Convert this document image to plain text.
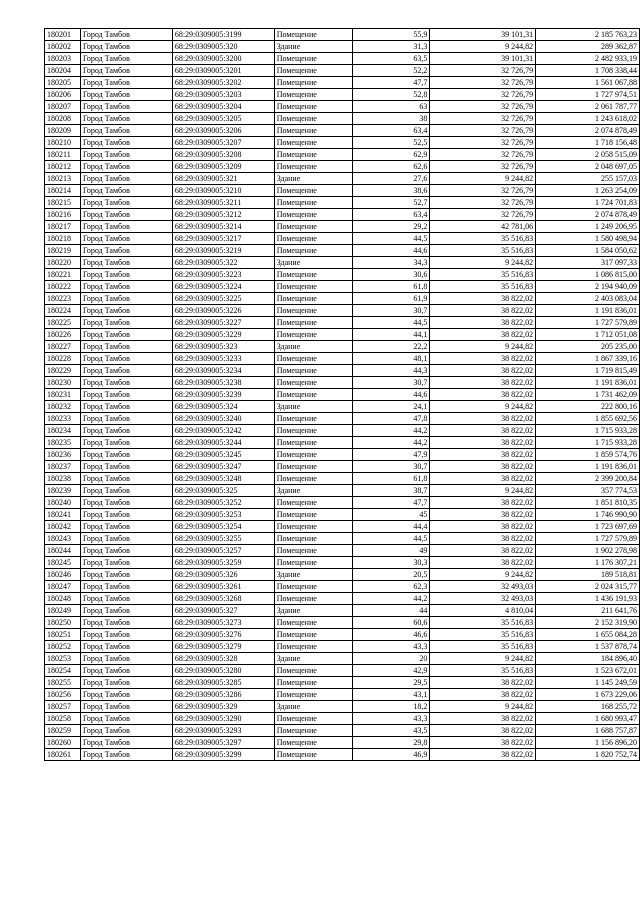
180201	Город Тамбов	68:29:0309005:3199	Помещение	55,9	39 101,31	2 185 763,23
180202	Город Тамбов	68:29:0309005:320	Здание	31,3	9 244,82	289 362,87
180203	Город Тамбов	68:29:0309005:3200	Помещение	63,5	39 101,31	2 482 933,19
180204	Город Тамбов	68:29:0309005:3201	Помещение	52,2	32 726,79	1 708 338,44
180205	Город Тамбов	68:29:0309005:3202	Помещение	47,7	32 726,79	1 561 067,88
180206	Город Тамбов	68:29:0309005:3203	Помещение	52,8	32 726,79	1 727 974,51
180207	Город Тамбов	68:29:0309005:3204	Помещение	63	32 726,79	2 061 787,77
180208	Город Тамбов	68:29:0309005:3205	Помещение	38	32 726,79	1 243 618,02
180209	Город Тамбов	68:29:0309005:3206	Помещение	63,4	32 726,79	2 074 878,49
180210	Город Тамбов	68:29:0309005:3207	Помещение	52,5	32 726,79	1 718 156,48
180211	Город Тамбов	68:29:0309005:3208	Помещение	62,9	32 726,79	2 058 515,09
180212	Город Тамбов	68:29:0309005:3209	Помещение	62,6	32 726,79	2 048 697,05
180213	Город Тамбов	68:29:0309005:321	Здание	27,6	9 244,82	255 157,03
180214	Город Тамбов	68:29:0309005:3210	Помещение	38,6	32 726,79	1 263 254,09
180215	Город Тамбов	68:29:0309005:3211	Помещение	52,7	32 726,79	1 724 701,83
180216	Город Тамбов	68:29:0309005:3212	Помещение	63,4	32 726,79	2 074 878,49
180217	Город Тамбов	68:29:0309005:3214	Помещение	29,2	42 781,06	1 249 206,95
180218	Город Тамбов	68:29:0309005:3217	Помещение	44,5	35 516,83	1 580 498,94
180219	Город Тамбов	68:29:0309005:3219	Помещение	44,6	35 516,83	1 584 050,62
180220	Город Тамбов	68:29:0309005:322	Здание	34,3	9 244,82	317 097,33
180221	Город Тамбов	68:29:0309005:3223	Помещение	30,6	35 516,83	1 086 815,00
180222	Город Тамбов	68:29:0309005:3224	Помещение	61,8	35 516,83	2 194 940,09
180223	Город Тамбов	68:29:0309005:3225	Помещение	61,9	38 822,02	2 403 083,04
180224	Город Тамбов	68:29:0309005:3226	Помещение	30,7	38 822,02	1 191 836,01
180225	Город Тамбов	68:29:0309005:3227	Помещение	44,5	38 822,02	1 727 579,89
180226	Город Тамбов	68:29:0309005:3229	Помещение	44,1	38 822,02	1 712 051,08
180227	Город Тамбов	68:29:0309005:323	Здание	22,2	9 244,82	205 235,00
180228	Город Тамбов	68:29:0309005:3233	Помещение	48,1	38 822,02	1 867 339,16
180229	Город Тамбов	68:29:0309005:3234	Помещение	44,3	38 822,02	1 719 815,49
180230	Город Тамбов	68:29:0309005:3238	Помещение	30,7	38 822,02	1 191 836,01
180231	Город Тамбов	68:29:0309005:3239	Помещение	44,6	38 822,02	1 731 462,09
180232	Город Тамбов	68:29:0309005:324	Здание	24,1	9 244,82	222 800,16
180233	Город Тамбов	68:29:0309005:3240	Помещение	47,8	38 822,02	1 855 692,56
180234	Город Тамбов	68:29:0309005:3242	Помещение	44,2	38 822,02	1 715 933,28
180235	Город Тамбов	68:29:0309005:3244	Помещение	44,2	38 822,02	1 715 933,28
180236	Город Тамбов	68:29:0309005:3245	Помещение	47,9	38 822,02	1 859 574,76
180237	Город Тамбов	68:29:0309005:3247	Помещение	30,7	38 822,02	1 191 836,01
180238	Город Тамбов	68:29:0309005:3248	Помещение	61,8	38 822,02	2 399 200,84
180239	Город Тамбов	68:29:0309005:325	Здание	38,7	9 244,82	357 774,53
180240	Город Тамбов	68:29:0309005:3252	Помещение	47,7	38 822,02	1 851 810,35
180241	Город Тамбов	68:29:0309005:3253	Помещение	45	38 822,02	1 746 990,90
180242	Город Тамбов	68:29:0309005:3254	Помещение	44,4	38 822,02	1 723 697,69
180243	Город Тамбов	68:29:0309005:3255	Помещение	44,5	38 822,02	1 727 579,89
180244	Город Тамбов	68:29:0309005:3257	Помещение	49	38 822,02	1 902 278,98
180245	Город Тамбов	68:29:0309005:3259	Помещение	30,3	38 822,02	1 176 307,21
180246	Город Тамбов	68:29:0309005:326	Здание	20,5	9 244,82	189 518,81
180247	Город Тамбов	68:29:0309005:3261	Помещение	62,3	32 493,03	2 024 315,77
180248	Город Тамбов	68:29:0309005:3268	Помещение	44,2	32 493,03	1 436 191,93
180249	Город Тамбов	68:29:0309005:327	Здание	44	4 810,04	211 641,76
180250	Город Тамбов	68:29:0309005:3273	Помещение	60,6	35 516,83	2 152 319,90
180251	Город Тамбов	68:29:0309005:3276	Помещение	46,6	35 516,83	1 655 084,28
180252	Город Тамбов	68:29:0309005:3279	Помещение	43,3	35 516,83	1 537 878,74
180253	Город Тамбов	68:29:0309005:328	Здание	20	9 244,82	184 896,40
180254	Город Тамбов	68:29:0309005:3280	Помещение	42,9	35 516,83	1 523 672,01
180255	Город Тамбов	68:29:0309005:3285	Помещение	29,5	38 822,02	1 145 249,59
180256	Город Тамбов	68:29:0309005:3286	Помещение	43,1	38 822,02	1 673 229,06
180257	Город Тамбов	68:29:0309005:329	Здание	18,2	9 244,82	168 255,72
180258	Город Тамбов	68:29:0309005:3290	Помещение	43,3	38 822,02	1 680 993,47
180259	Город Тамбов	68:29:0309005:3293	Помещение	43,5	38 822,02	1 688 757,87
180260	Город Тамбов	68:29:0309005:3297	Помещение	29,8	38 822,02	1 156 896,20
180261	Город Тамбов	68:29:0309005:3299	Помещение	46,9	38 822,02	1 820 752,74
